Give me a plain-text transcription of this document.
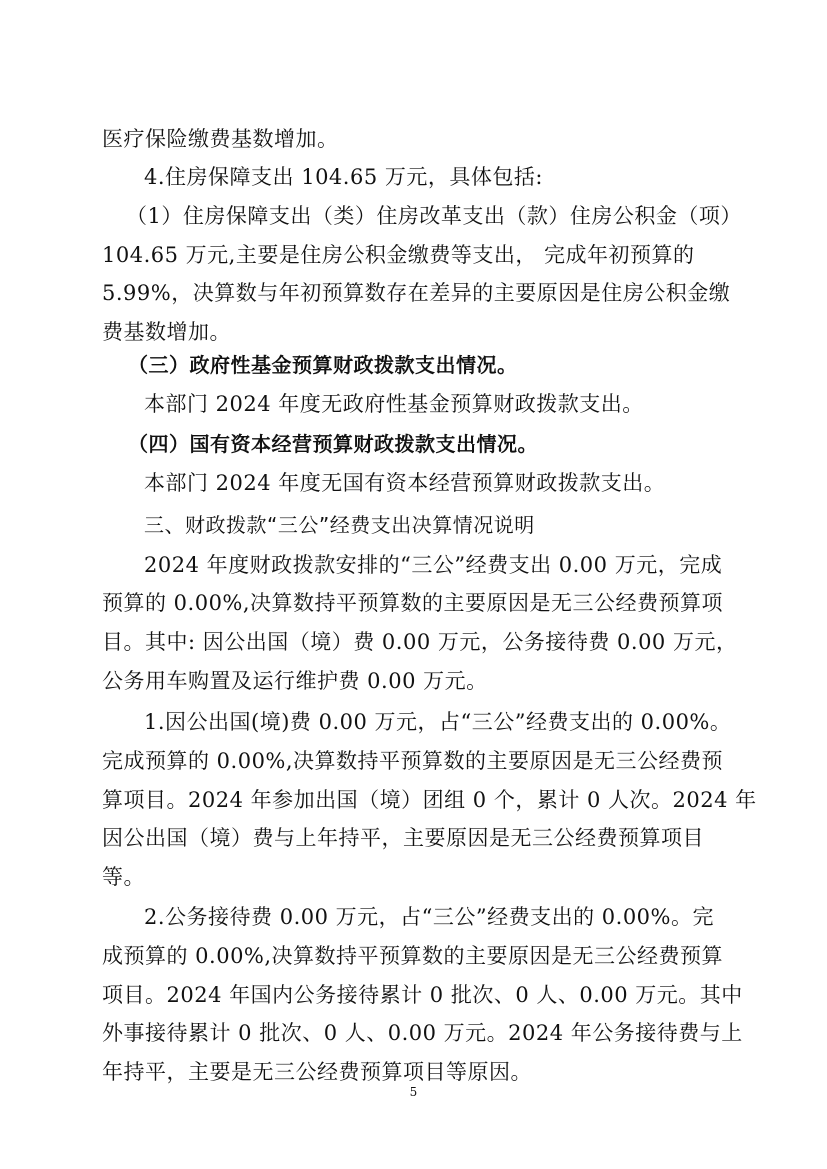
医疗保险缴费基数增加。
4.住房保障支出 104.65 万元，具体包括:
（1）住房保障支出（类）住房改革支出（款）住房公积金（项）
104.65 万元,主要是住房公积金缴费等支出， 完成年初预算的
5.99%，决算数与年初预算数存在差异的主要原因是住房公积金缴
费基数增加。
（三）政府性基金预算财政拨款支出情况。
本部门 2024 年度无政府性基金预算财政拨款支出。
（四）国有资本经营预算财政拨款支出情况。
本部门 2024 年度无国有资本经营预算财政拨款支出。
三、财政拨款“三公”经费支出决算情况说明
2024 年度财政拨款安排的“三公”经费支出 0.00 万元，完成
预算的 0.00%,决算数持平预算数的主要原因是无三公经费预算项
目。其中: 因公出国（境）费 0.00 万元，公务接待费 0.00 万元，
公务用车购置及运行维护费 0.00 万元。
1.因公出国(境)费 0.00 万元，占“三公”经费支出的 0.00%。
完成预算的 0.00%,决算数持平预算数的主要原因是无三公经费预
算项目。2024 年参加出国（境）团组 0 个，累计 0 人次。2024 年
因公出国（境）费与上年持平，主要原因是无三公经费预算项目
等。
2.公务接待费 0.00 万元，占“三公”经费支出的 0.00%。完
成预算的 0.00%,决算数持平预算数的主要原因是无三公经费预算
项目。2024 年国内公务接待累计 0 批次、0 人、0.00 万元。其中
外事接待累计 0 批次、0 人、0.00 万元。2024 年公务接待费与上
年持平，主要是无三公经费预算项目等原因。
5
